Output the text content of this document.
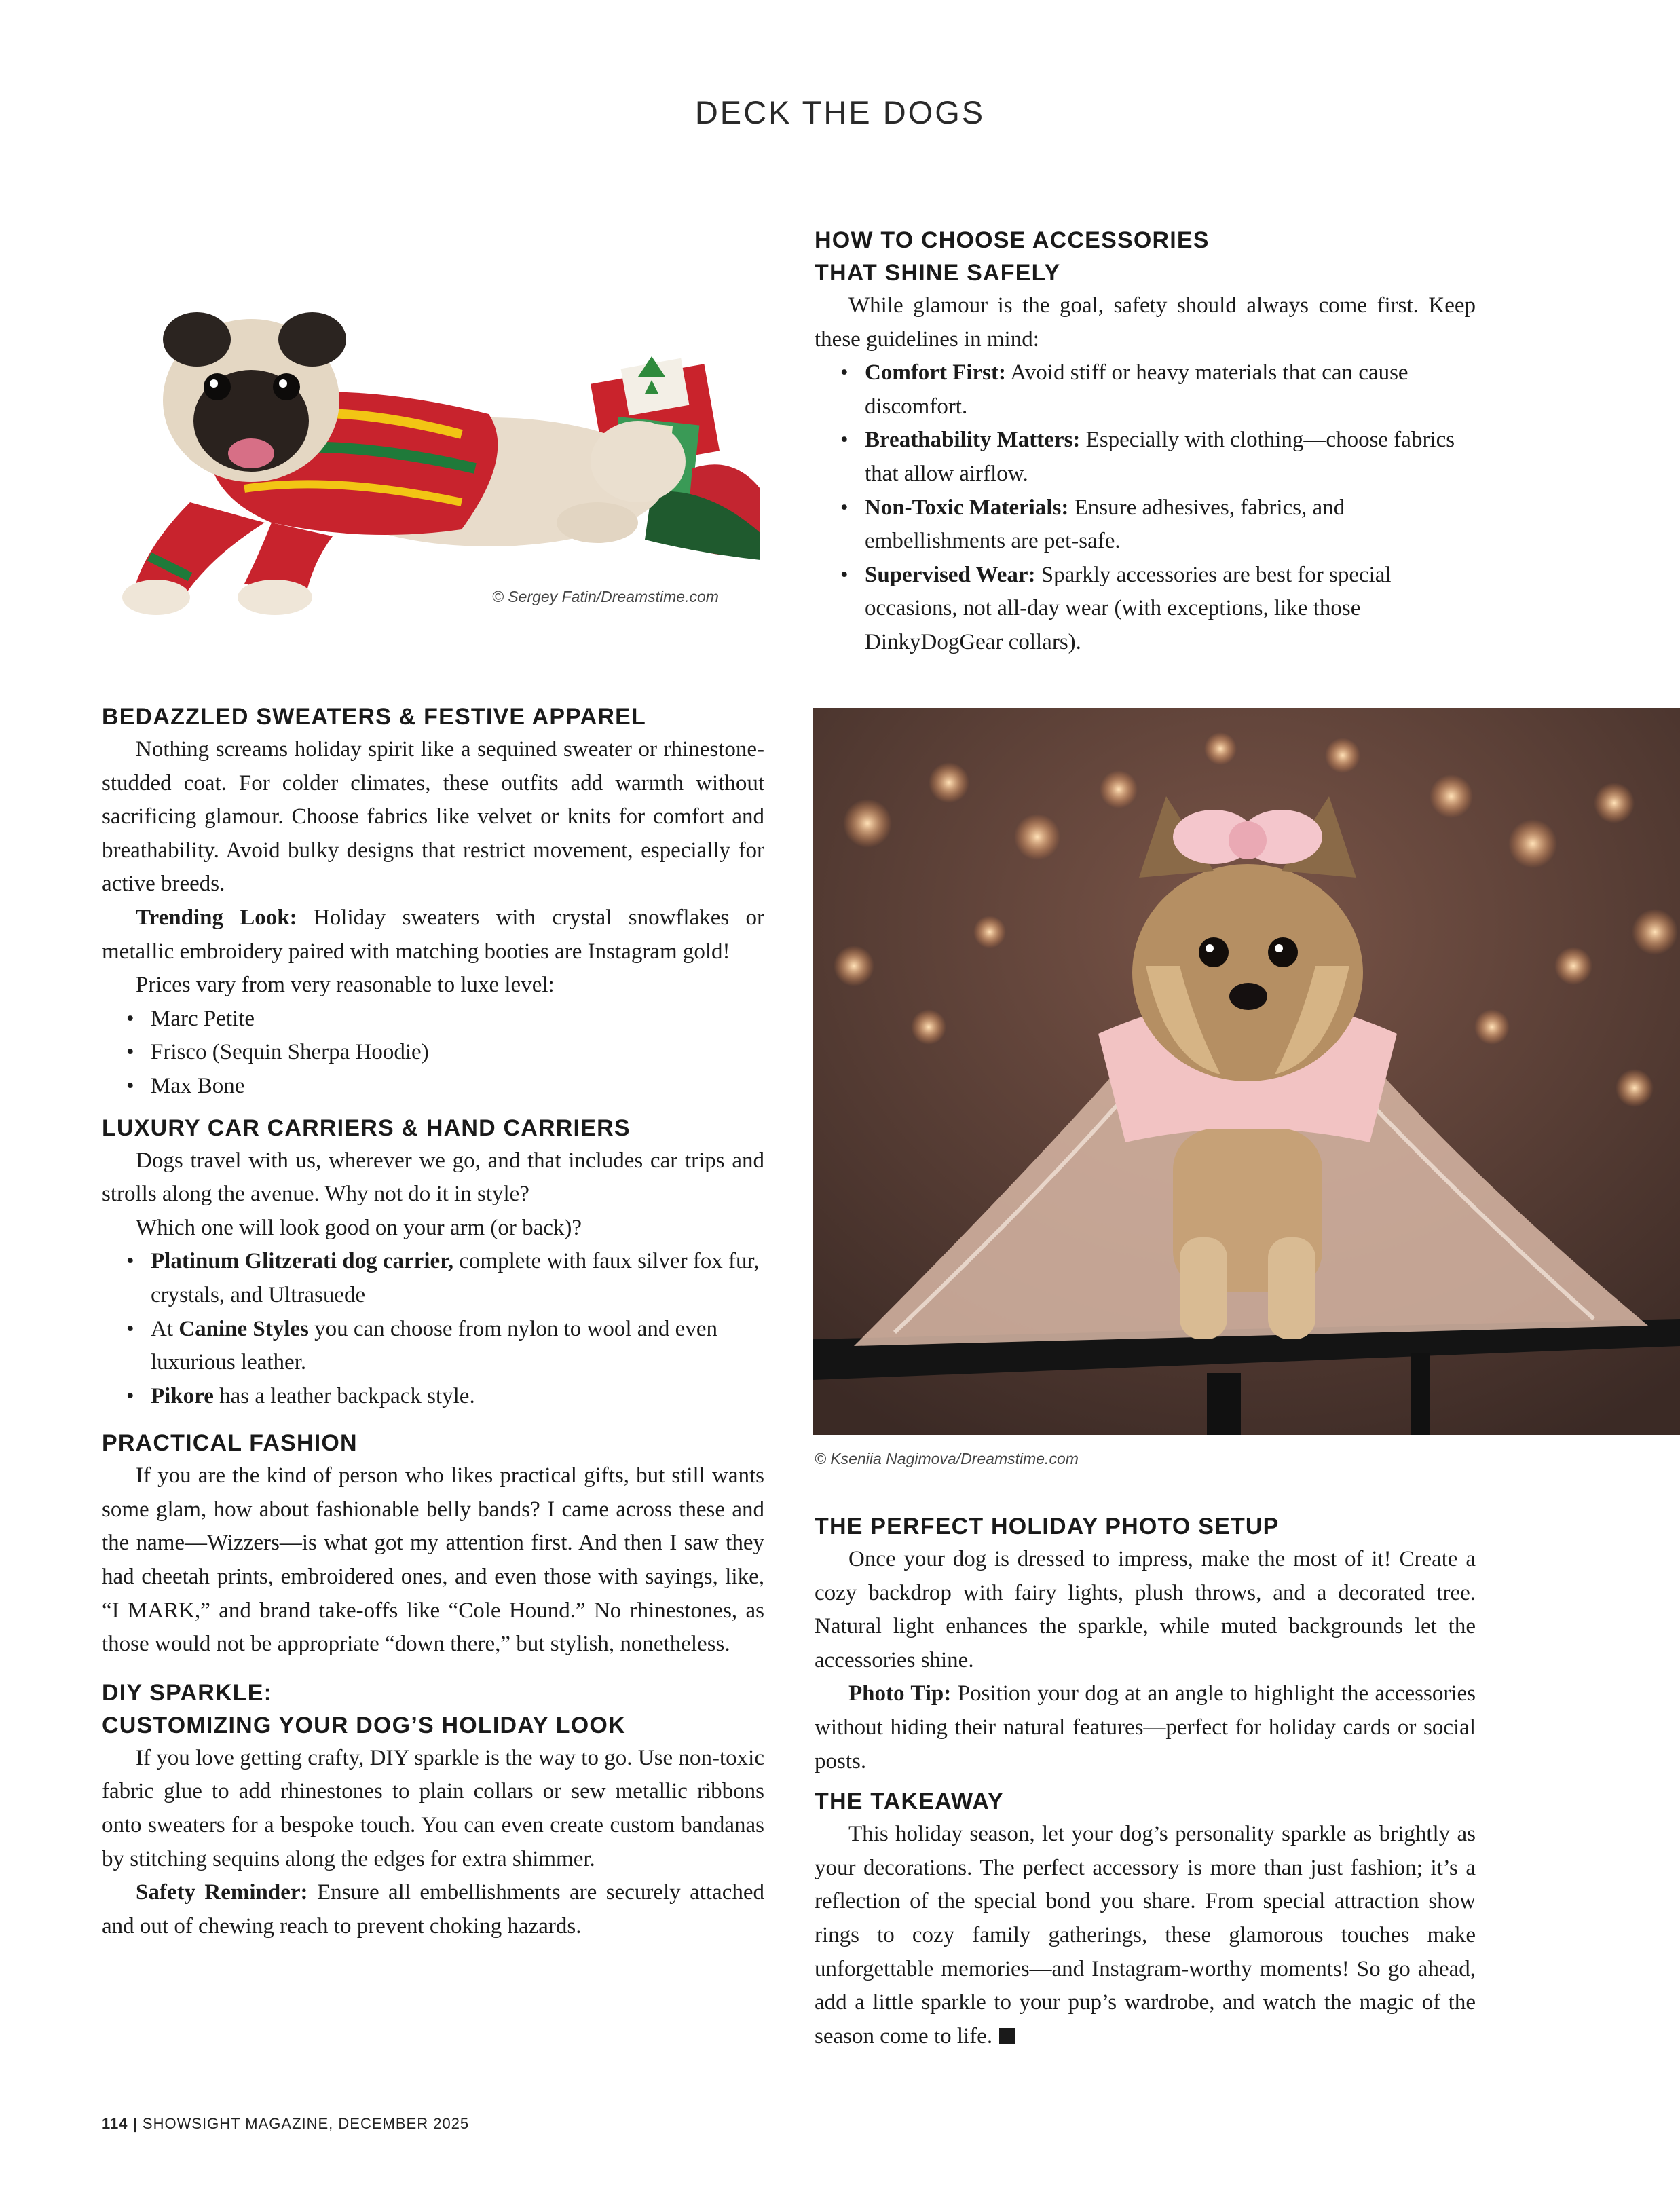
DECK THE DOGS
© Sergey Fatin/Dreamstime.com
© Kseniia Nagimova/Dreamstime.com
HOW TO CHOOSE ACCESSORIES
THAT SHINE SAFELY

While glamour is the goal, safety should always come first. Keep these guidelines in mind:

• Comfort First: Avoid stiff or heavy materials that can cause discomfort.
• Breathability Matters: Especially with clothing—choose fabrics that allow airflow.
• Non-Toxic Materials: Ensure adhesives, fabrics, and embellishments are pet-safe.
• Supervised Wear: Sparkly accessories are best for special occasions, not all-day wear (with exceptions, like those DinkyDogGear collars).
THE PERFECT HOLIDAY PHOTO SETUP

Once your dog is dressed to impress, make the most of it! Create a cozy backdrop with fairy lights, plush throws, and a decorated tree. Natural light enhances the sparkle, while muted backgrounds let the accessories shine.

Photo Tip: Position your dog at an angle to highlight the accessories without hiding their natural features—perfect for holiday cards or social posts.

THE TAKEAWAY

This holiday season, let your dog’s personality sparkle as brightly as your decorations. The perfect accessory is more than just fashion; it’s a reflection of the special bond you share. From special attraction show rings to cozy family gatherings, these glamorous touches make unforgettable memories—and Instagram-worthy moments! So go ahead, add a little sparkle to your pup’s wardrobe, and watch the magic of the season come to life.

BEDAZZLED SWEATERS & FESTIVE APPAREL

Nothing screams holiday spirit like a sequined sweater or rhinestone-studded coat. For colder climates, these outfits add warmth without sacrificing glamour. Choose fabrics like velvet or knits for comfort and breathability. Avoid bulky designs that restrict movement, especially for active breeds.

Trending Look: Holiday sweaters with crystal snowflakes or metallic embroidery paired with matching booties are Instagram gold!

Prices vary from very reasonable to luxe level:

• Marc Petite
• Frisco (Sequin Sherpa Hoodie)
• Max Bone
LUXURY CAR CARRIERS & HAND CARRIERS

Dogs travel with us, wherever we go, and that includes car trips and strolls along the avenue. Why not do it in style?

Which one will look good on your arm (or back)?

• Platinum Glitzerati dog carrier, complete with faux silver fox fur, crystals, and Ultrasuede
• At Canine Styles you can choose from nylon to wool and even luxurious leather.
• Pikore has a leather backpack style.
PRACTICAL FASHION

If you are the kind of person who likes practical gifts, but still wants some glam, how about fashionable belly bands? I came across these and the name—Wizzers—is what got my attention first. And then I saw they had cheetah prints, embroidered ones, and even those with sayings, like, “I MARK,” and brand take-offs like “Cole Hound.” No rhinestones, as those would not be appropriate “down there,” but stylish, nonetheless.

DIY SPARKLE:
CUSTOMIZING YOUR DOG’S HOLIDAY LOOK

If you love getting crafty, DIY sparkle is the way to go. Use non-toxic fabric glue to add rhinestones to plain collars or sew metallic ribbons onto sweaters for a bespoke touch. You can even create custom bandanas by stitching sequins along the edges for extra shimmer.

Safety Reminder: Ensure all embellishments are securely attached and out of chewing reach to prevent choking hazards.

114 | SHOWSIGHT MAGAZINE, DECEMBER 2025
